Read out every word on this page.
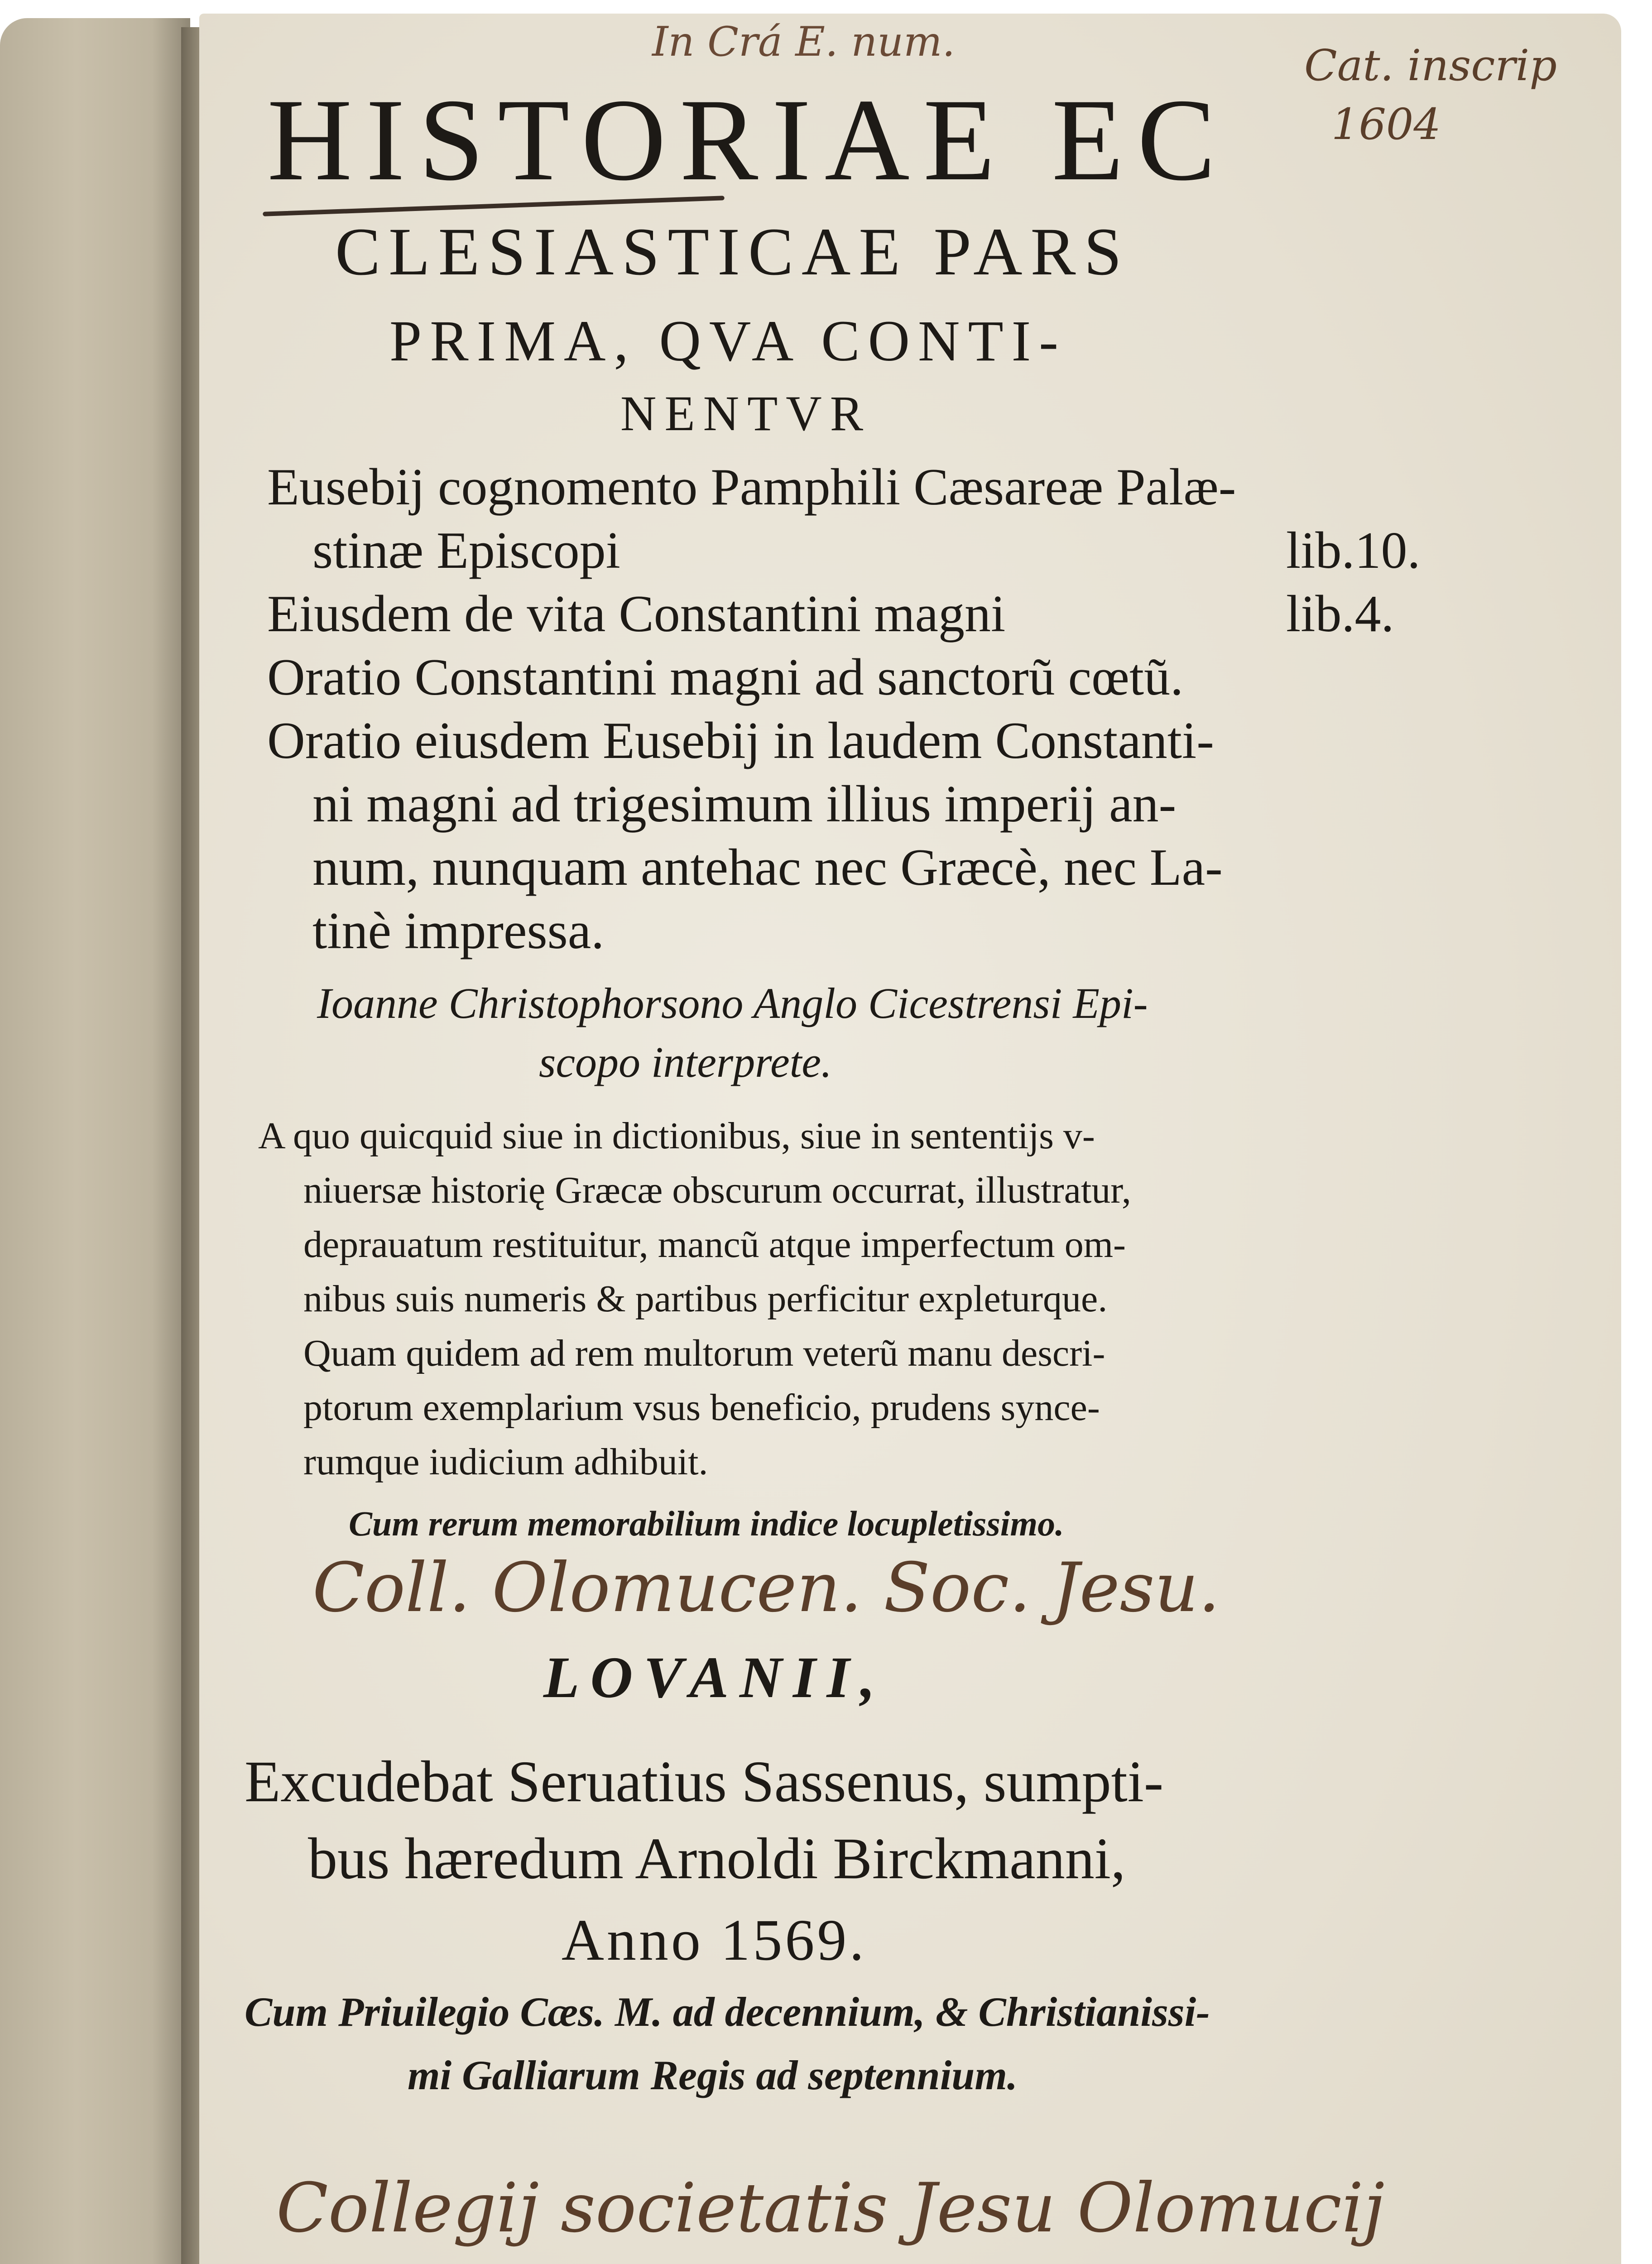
In Crá E. num.	Cat. inscrip
1604
HISTORIAE EC
CLESIASTICAE PARS
PRIMA, QVA CONTI-
NENTVR
Eusebij cognomento Pamphili Cæsareæ Palæ-
stinæ Episcopi	lib.10.
Eiusdem de vita Constantini magni	lib.4.
Oratio Constantini magni ad sanctorũ cœtũ.
Oratio eiusdem Eusebij in laudem Constanti-
ni magni ad trigesimum illius imperij an-
num, nunquam antehac nec Græcè, nec La-
tinè impressa.
Ioanne Christophorsono Anglo Cicestrensi Epi-
scopo interprete.
A quo quicquid siue in dictionibus, siue in sententijs v-
niuersæ historię Græcæ obscurum occurrat, illustratur,
deprauatum restituitur, mancũ atque imperfectum om-
nibus suis numeris & partibus perficitur expleturque.
Quam quidem ad rem multorum veterũ manu descri-
ptorum exemplarium vsus beneficio, prudens synce-
rumque iudicium adhibuit.
Cum rerum memorabilium indice locupletissimo.
Coll. Olomucen. Soc. Jesu.
LOVANII,
Excudebat Seruatius Sassenus, sumpti-
bus hæredum Arnoldi Birckmanni,
Anno 1569.
Cum Priuilegio Cæs. M. ad decennium, & Christianissi-
mi Galliarum Regis ad septennium.
Collegij societatis Jesu Olomucij
